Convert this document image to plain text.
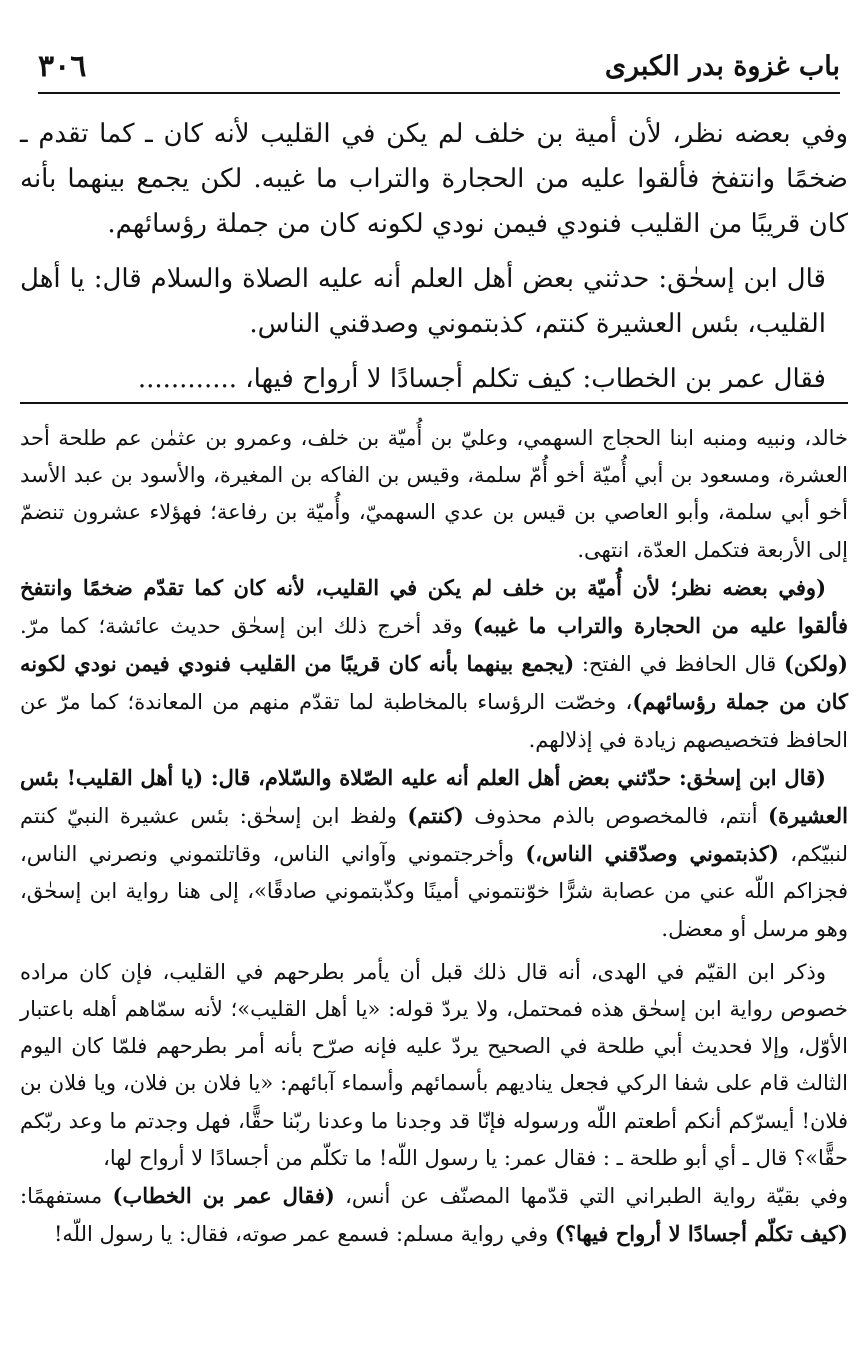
باب غزوة بدر الكبرى
٣٠٦

وفي بعضه نظر، لأن أمية بن خلف لم يكن في القليب لأنه كان ـ كما تقدم ـ ضخمًا وانتفخ فألقوا عليه من الحجارة والتراب ما غيبه. لكن يجمع بينهما بأنه كان قريبًا من القليب فنودي فيمن نودي لكونه كان من جملة رؤسائهم.

قال ابن إسحٰق: حدثني بعض أهل العلم أنه عليه الصلاة والسلام قال: يا أهل القليب، بئس العشيرة كنتم، كذبتموني وصدقني الناس.

فقال عمر بن الخطاب: كيف تكلم أجسادًا لا أرواح فيها، ............

خالد، ونبيه ومنبه ابنا الحجاج السهمي، وعليّ بن أُميّة بن خلف، وعمرو بن عثمٰن عم طلحة أحد العشرة، ومسعود بن أبي أُميّة أخو أُمّ سلمة، وقيس بن الفاكه بن المغيرة، والأسود بن عبد الأسد أخو أبي سلمة، وأبو العاصي بن قيس بن عدي السهميّ، وأُميّة بن رفاعة؛ فهؤلاء عشرون تنضمّ إلى الأربعة فتكمل العدّة، انتهى.

(وفي بعضه نظر؛ لأن أُميّة بن خلف لم يكن في القليب، لأنه كان كما تقدّم ضخمًا وانتفخ فألقوا عليه من الحجارة والتراب ما غيبه) وقد أخرج ذلك ابن إسحٰق حديث عائشة؛ كما مرّ. (ولكن) قال الحافظ في الفتح: (يجمع بينهما بأنه كان قريبًا من القليب فنودي فيمن نودي لكونه كان من جملة رؤسائهم)، وخصّت الرؤساء بالمخاطبة لما تقدّم منهم من المعاندة؛ كما مرّ عن الحافظ فتخصيصهم زيادة في إذلالهم.

(قال ابن إسحٰق: حدّثني بعض أهل العلم أنه عليه الصّلاة والسّلام، قال: (يا أهل القليب! بئس العشيرة) أنتم، فالمخصوص بالذم محذوف (كنتم) ولفظ ابن إسحٰق: بئس عشيرة النبيّ كنتم لنبيّكم، (كذبتموني وصدّقني الناس،) وأخرجتموني وآواني الناس، وقاتلتموني ونصرني الناس، فجزاكم اللّه عني من عصابة شرًّا خوّنتموني أمينًا وكذّبتموني صادقًا»، إلى هنا رواية ابن إسحٰق، وهو مرسل أو معضل.

وذكر ابن القيّم في الهدى، أنه قال ذلك قبل أن يأمر بطرحهم في القليب، فإن كان مراده خصوص رواية ابن إسحٰق هذه فمحتمل، ولا يردّ قوله: «يا أهل القليب»؛ لأنه سمّاهم أهله باعتبار الأوّل، وإلا فحديث أبي طلحة في الصحيح يردّ عليه فإنه صرّح بأنه أمر بطرحهم فلمّا كان اليوم الثالث قام على شفا الركي فجعل يناديهم بأسمائهم وأسماء آبائهم: «يا فلان بن فلان، ويا فلان بن فلان! أيسرّكم أنكم أطعتم اللّه ورسوله فإنّا قد وجدنا ما وعدنا ربّنا حقًّا، فهل وجدتم ما وعد ربّكم حقًّا»؟ قال ـ أي أبو طلحة ـ : فقال عمر: يا رسول اللّه! ما تكلّم من أجسادًا لا أرواح لها،

وفي بقيّة رواية الطبراني التي قدّمها المصنّف عن أنس، (فقال عمر بن الخطاب) مستفهمًا: (كيف تكلّم أجسادًا لا أرواح فيها؟) وفي رواية مسلم: فسمع عمر صوته، فقال: يا رسول اللّه!
